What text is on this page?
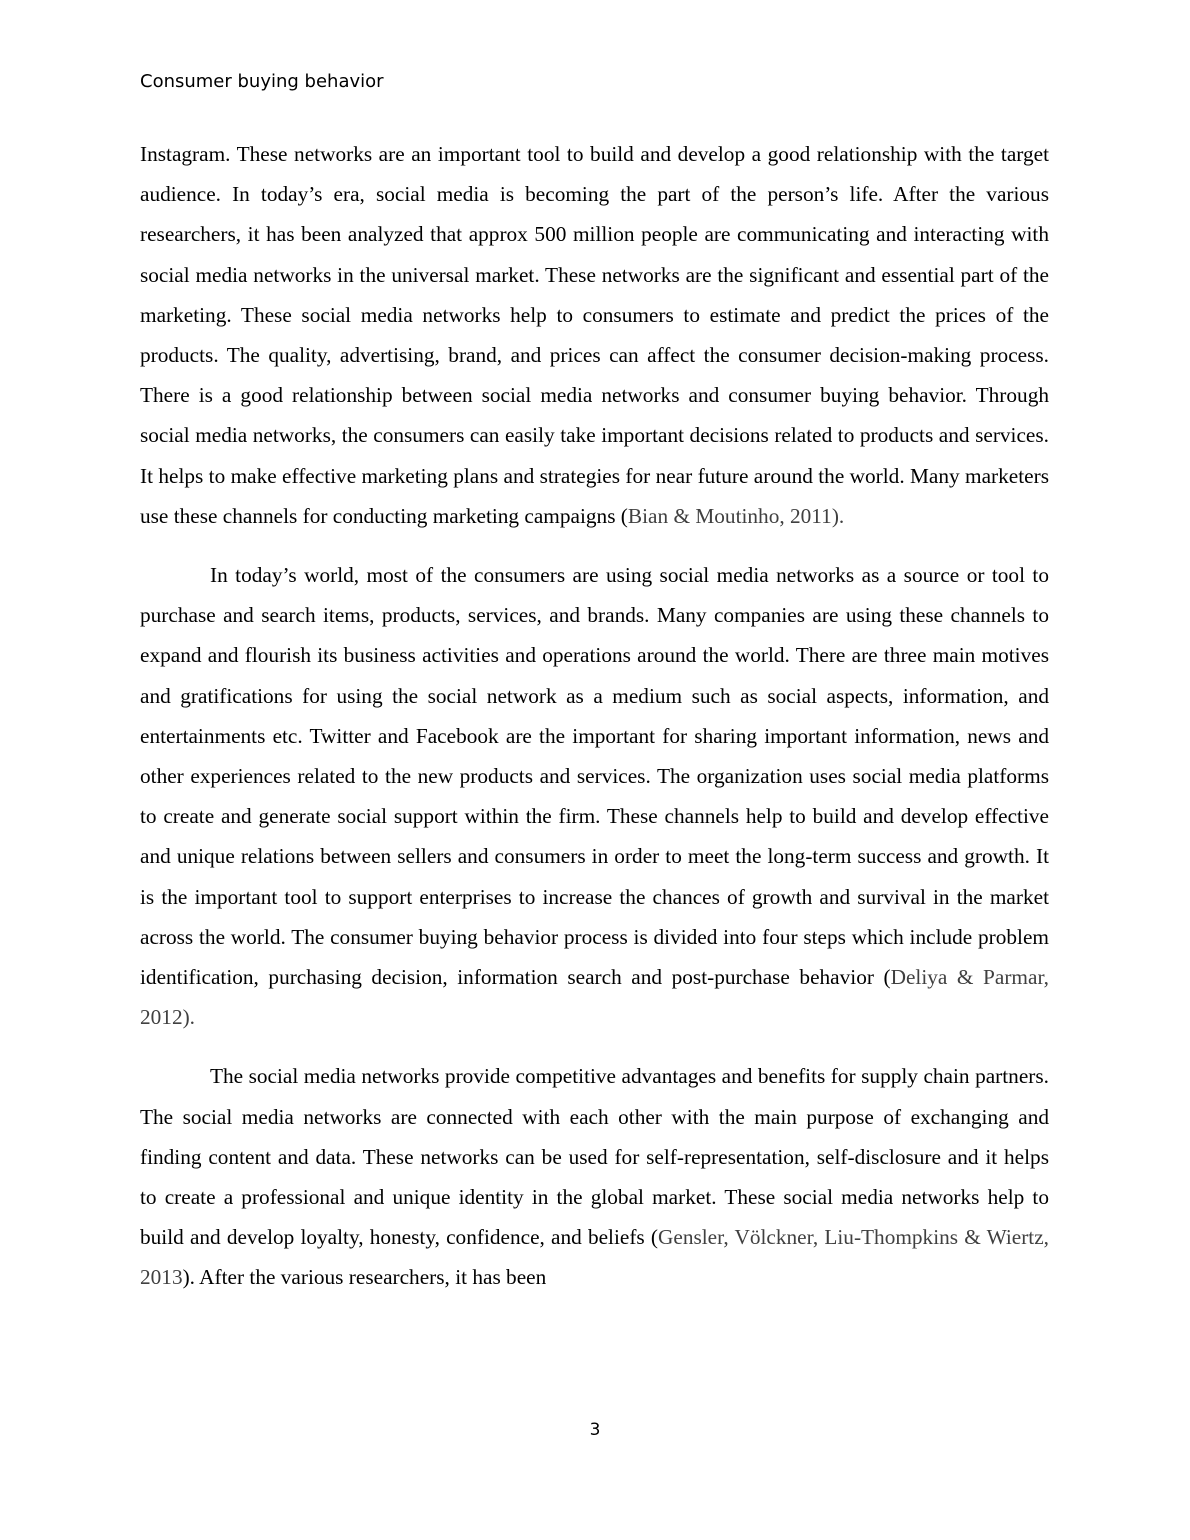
Consumer buying behavior

Instagram. These networks are an important tool to build and develop a good relationship with the target audience. In today’s era, social media is becoming the part of the person’s life. After the various researchers, it has been analyzed that approx 500 million people are communicating and interacting with social media networks in the universal market. These networks are the significant and essential part of the marketing. These social media networks help to consumers to estimate and predict the prices of the products. The quality, advertising, brand, and prices can affect the consumer decision-making process. There is a good relationship between social media networks and consumer buying behavior. Through social media networks, the consumers can easily take important decisions related to products and services. It helps to make effective marketing plans and strategies for near future around the world. Many marketers use these channels for conducting marketing campaigns (Bian & Moutinho, 2011).

In today’s world, most of the consumers are using social media networks as a source or tool to purchase and search items, products, services, and brands. Many companies are using these channels to expand and flourish its business activities and operations around the world. There are three main motives and gratifications for using the social network as a medium such as social aspects, information, and entertainments etc. Twitter and Facebook are the important for sharing important information, news and other experiences related to the new products and services. The organization uses social media platforms to create and generate social support within the firm. These channels help to build and develop effective and unique relations between sellers and consumers in order to meet the long-term success and growth. It is the important tool to support enterprises to increase the chances of growth and survival in the market across the world. The consumer buying behavior process is divided into four steps which include problem identification, purchasing decision, information search and post-purchase behavior (Deliya & Parmar, 2012).

The social media networks provide competitive advantages and benefits for supply chain partners. The social media networks are connected with each other with the main purpose of exchanging and finding content and data. These networks can be used for self-representation, self-disclosure and it helps to create a professional and unique identity in the global market. These social media networks help to build and develop loyalty, honesty, confidence, and beliefs (Gensler, Völckner, Liu-Thompkins & Wiertz, 2013). After the various researchers, it has been

3
